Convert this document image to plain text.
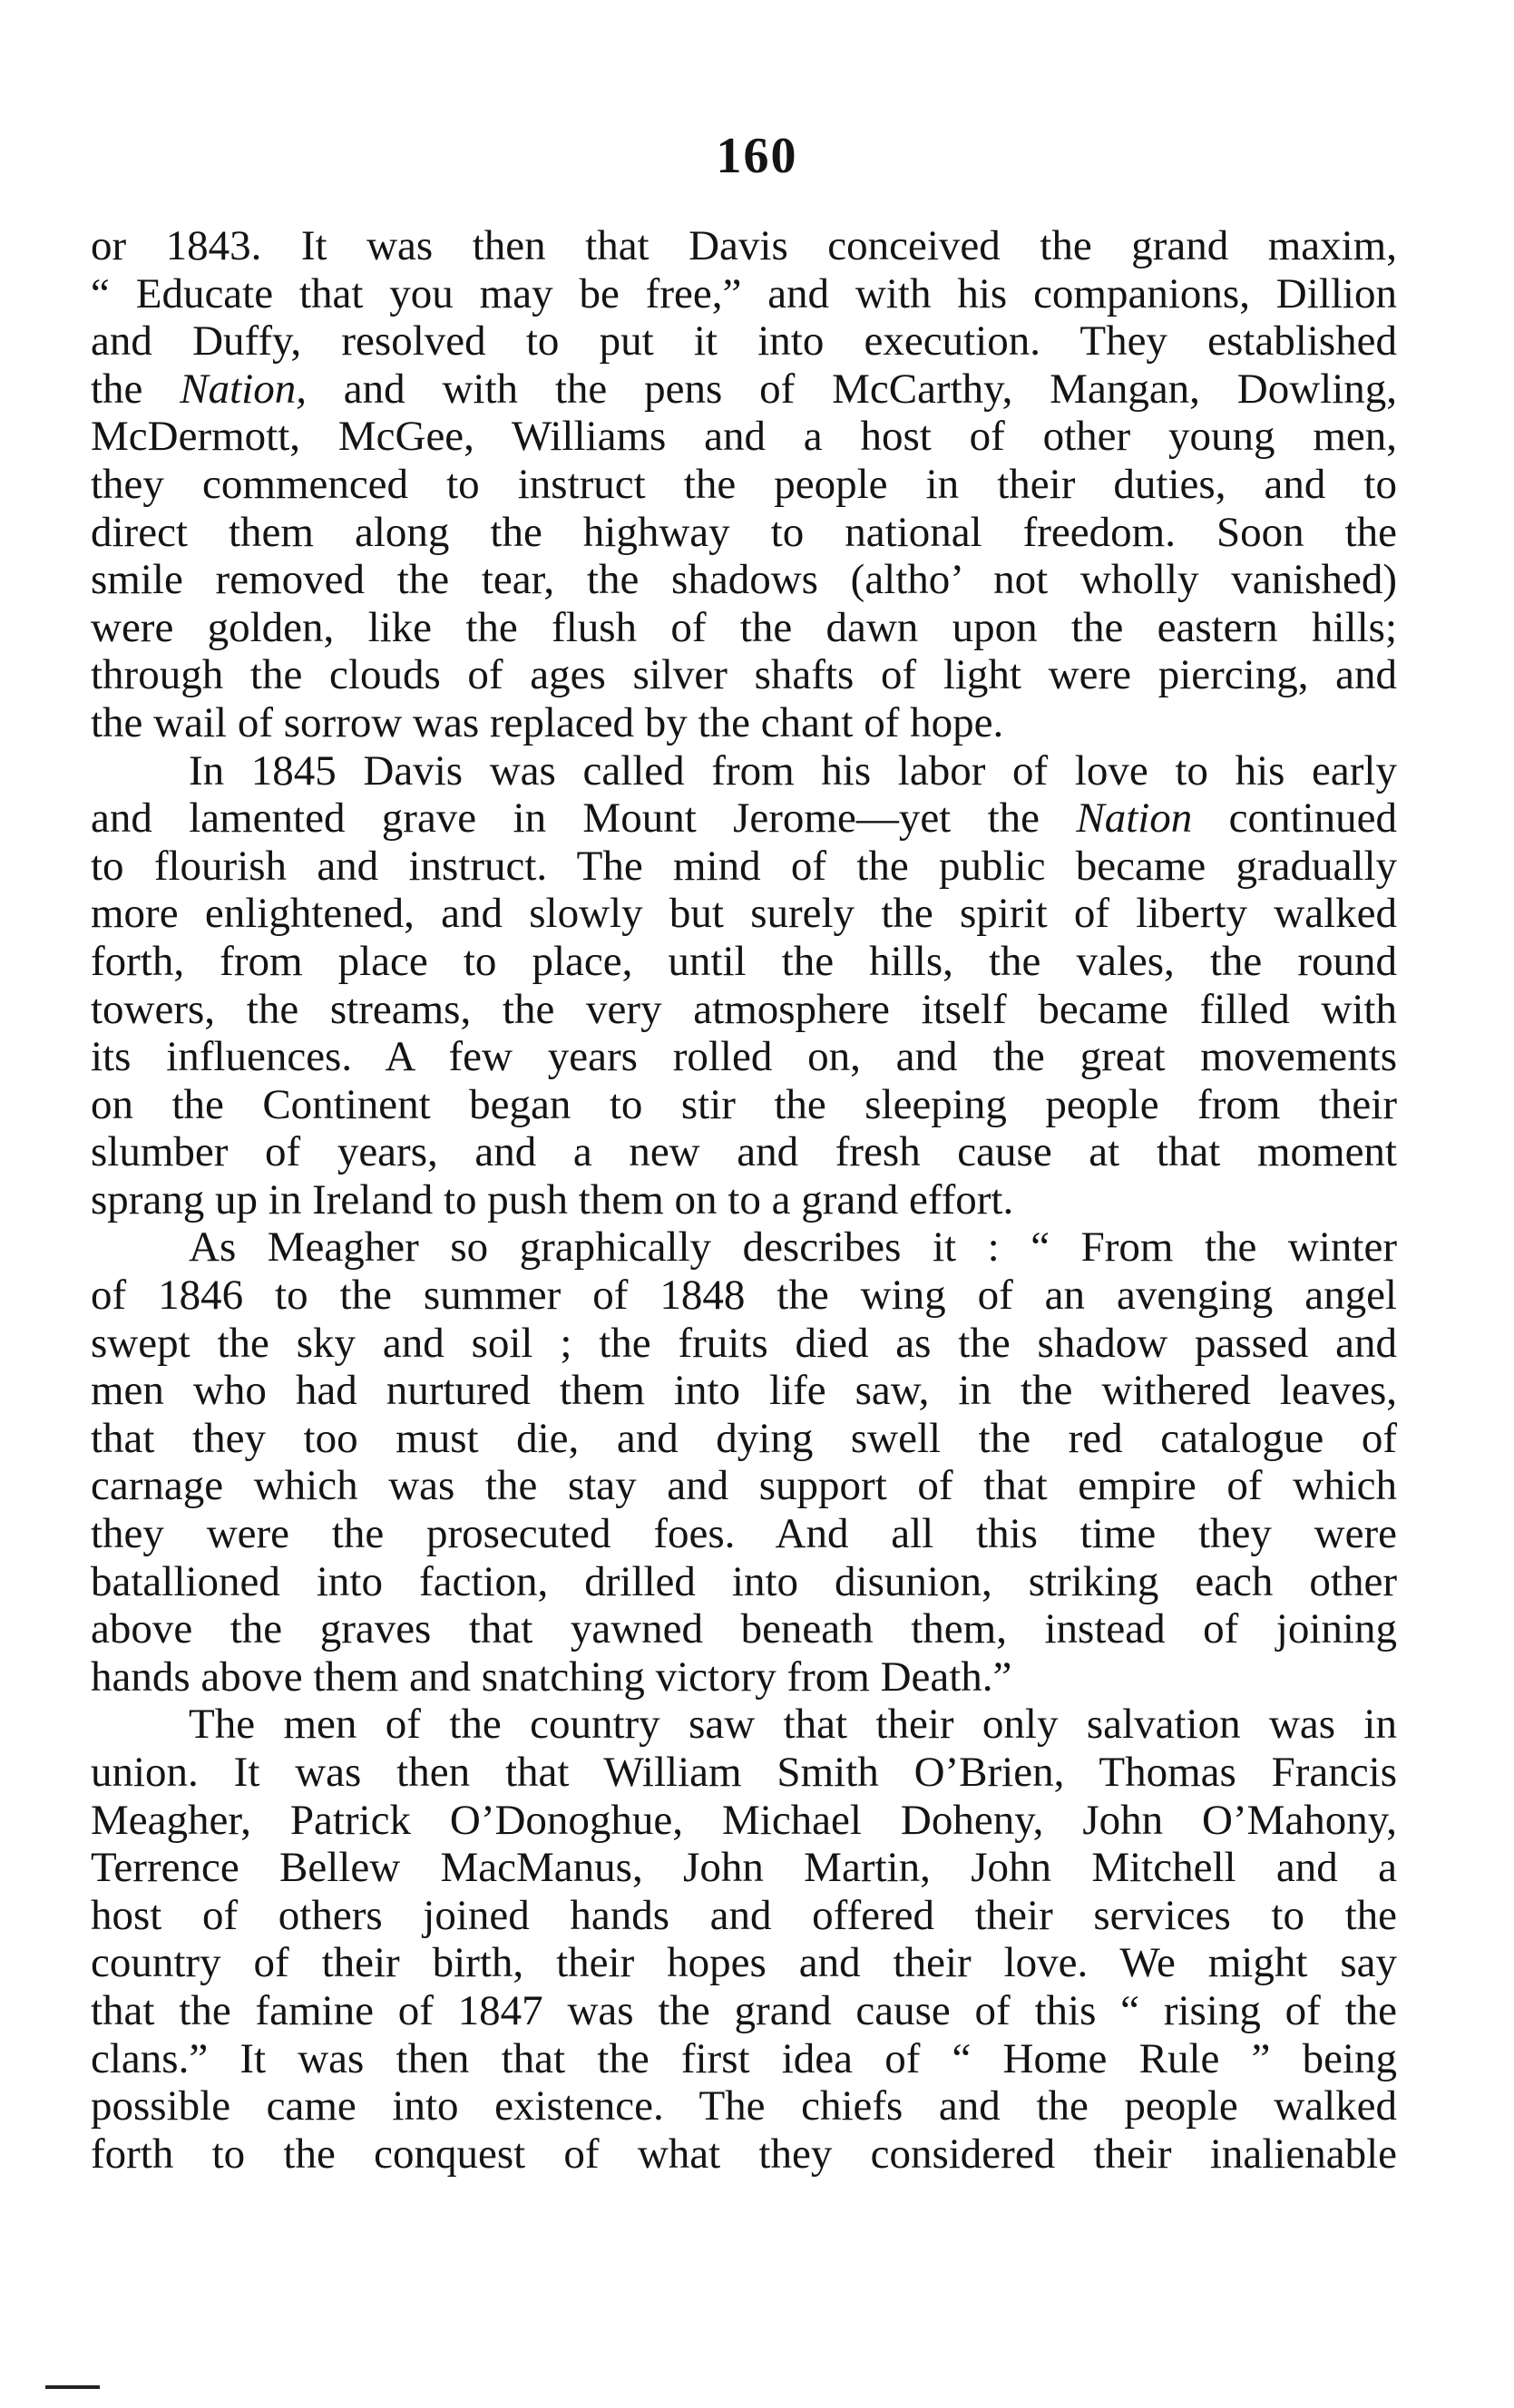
160
or 1843. It was then that Davis conceived the grand maxim,
“ Educate that you may be free,” and with his companions, Dillion
and Duffy, resolved to put it into execution. They established
the Nation, and with the pens of McCarthy, Mangan, Dowling,
McDermott, McGee, Williams and a host of other young men,
they commenced to instruct the people in their duties, and to
direct them along the highway to national freedom. Soon the
smile removed the tear, the shadows (altho’ not wholly vanished)
were golden, like the flush of the dawn upon the eastern hills;
through the clouds of ages silver shafts of light were piercing, and
the wail of sorrow was replaced by the chant of hope.
In 1845 Davis was called from his labor of love to his early
and lamented grave in Mount Jerome—yet the Nation continued
to flourish and instruct. The mind of the public became gradually
more enlightened, and slowly but surely the spirit of liberty walked
forth, from place to place, until the hills, the vales, the round
towers, the streams, the very atmosphere itself became filled with
its influences. A few years rolled on, and the great movements
on the Continent began to stir the sleeping people from their
slumber of years, and a new and fresh cause at that moment
sprang up in Ireland to push them on to a grand effort.
As Meagher so graphically describes it : “ From the winter
of 1846 to the summer of 1848 the wing of an avenging angel
swept the sky and soil ; the fruits died as the shadow passed and
men who had nurtured them into life saw, in the withered leaves,
that they too must die, and dying swell the red catalogue of
carnage which was the stay and support of that empire of which
they were the prosecuted foes. And all this time they were
batallioned into faction, drilled into disunion, striking each other
above the graves that yawned beneath them, instead of joining
hands above them and snatching victory from Death.”
The men of the country saw that their only salvation was in
union. It was then that William Smith O’Brien, Thomas Francis
Meagher, Patrick O’Donoghue, Michael Doheny, John O’Mahony,
Terrence Bellew MacManus, John Martin, John Mitchell and a
host of others joined hands and offered their services to the
country of their birth, their hopes and their love. We might say
that the famine of 1847 was the grand cause of this “ rising of the
clans.” It was then that the first idea of “ Home Rule ” being
possible came into existence. The chiefs and the people walked
forth to the conquest of what they considered their inalienable
